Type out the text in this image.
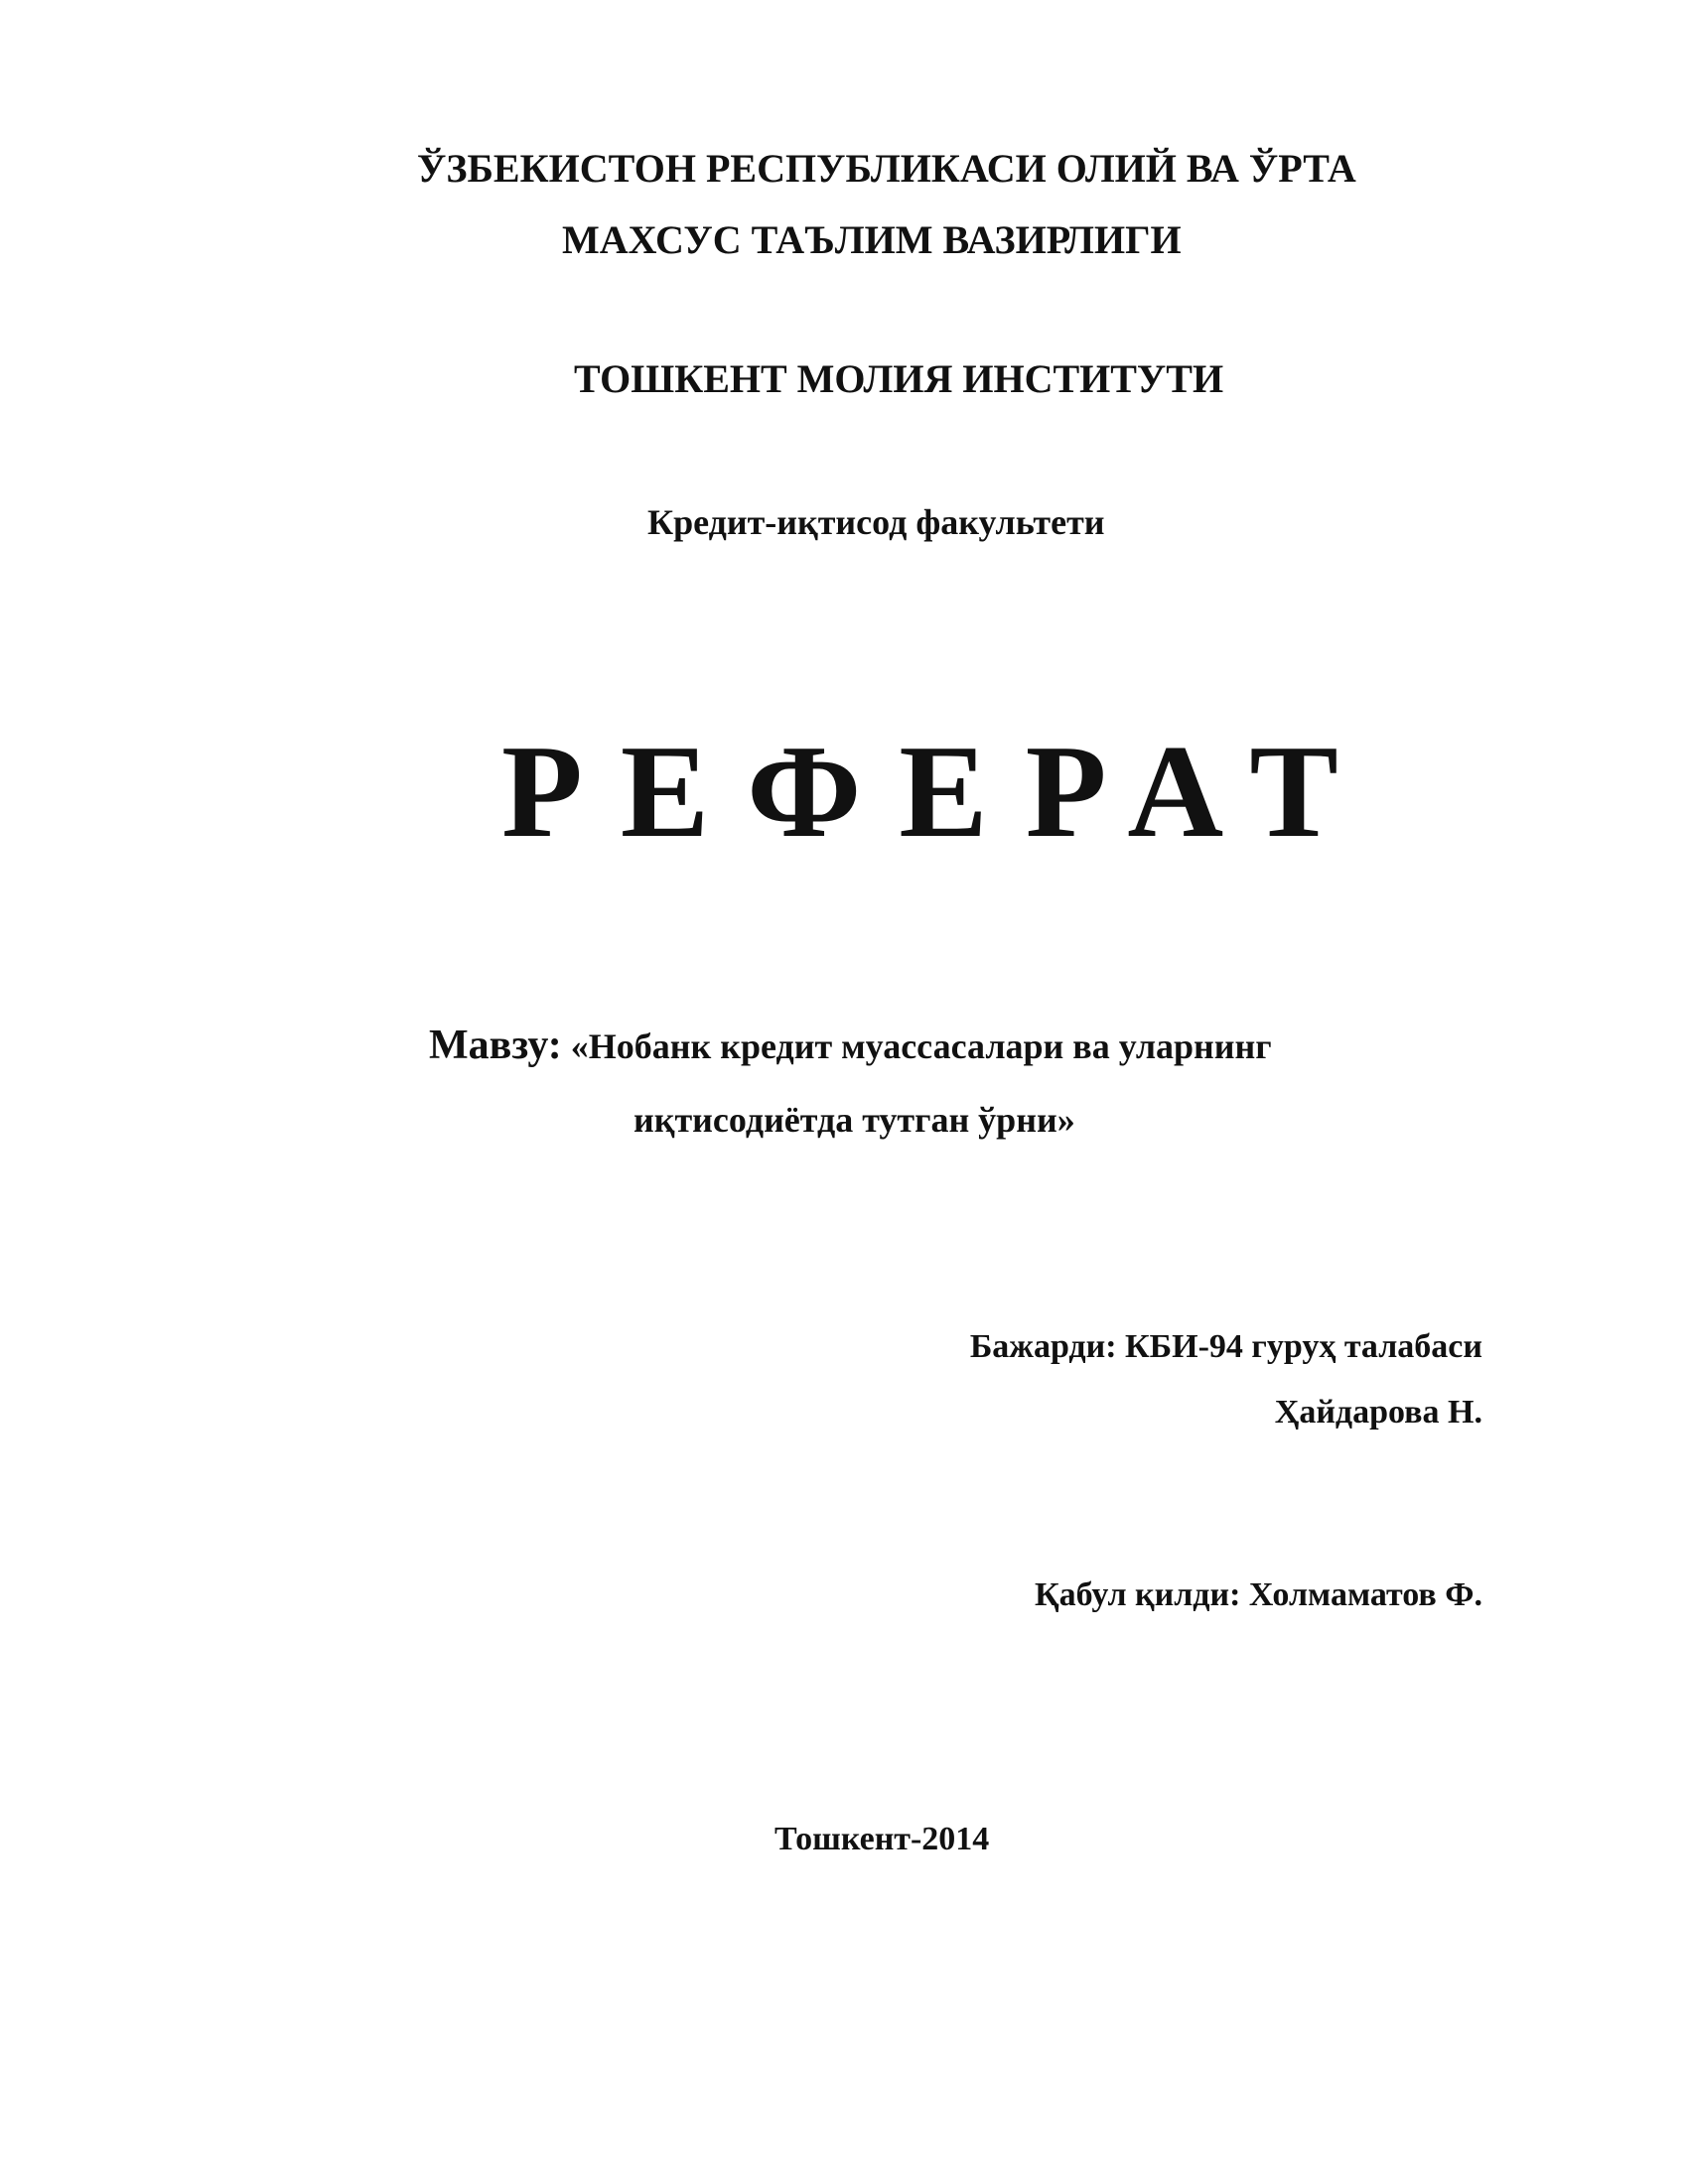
ЎЗБЕКИСТОН РЕСПУБЛИКАСИ ОЛИЙ ВА ЎРТА
МАХСУС ТАЪЛИМ ВАЗИРЛИГИ
ТОШКЕНТ МОЛИЯ ИНСТИТУТИ
Кредит-иқтисод факультети
РЕФЕРАТ
Мавзу: «Нобанк кредит муассасалари ва уларнинг
иқтисодиётда тутган ўрни»
Бажарди: КБИ-94 гуруҳ талабаси
Ҳайдарова Н.
Қабул қилди: Холмаматов Ф.
Тошкент-2014
